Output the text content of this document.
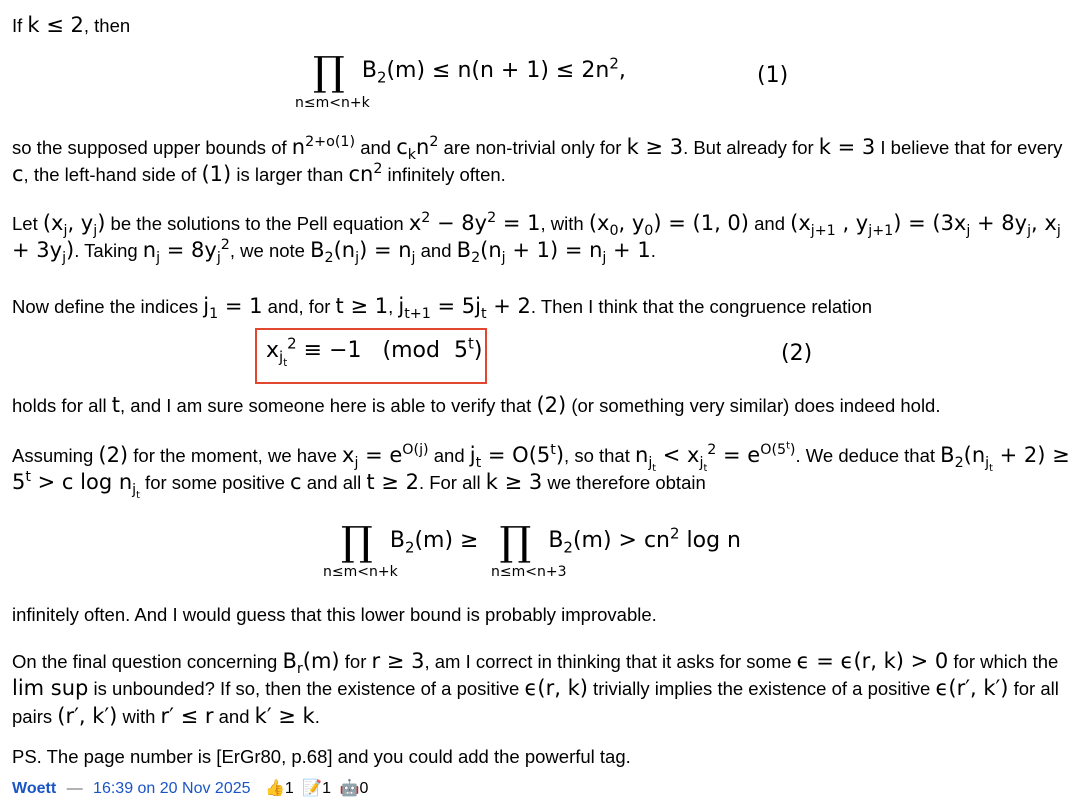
If k ≤ 2, then
∏ $B_2(m) \le n(n + 1) \le 2n^2$,
n≤m<n+k
(1)
so the supposed upper bounds of $n^{2+o(1)}$ and $c_kn^2$ are non-trivial only for k ≥ 3. But already for k = 3 I believe that for every c, the left-hand side of (1) is larger than $cn^2$ infinitely often.
Let ($x_j$, $y_j$) be the solutions to the Pell equation $x^2 - 8y^2 = 1$, with ($x_0$, $y_0) = (1$, 0) and ($x_{j+1}$ , $y_{j+1}) = (3x_j + 8y_j$, $x_j + 3y_j$). Taking $n_j = 8y_j^2$, we note $B_2(n_j) = n_j$ and $B_2(n_j + 1) = n_j + 1$.
Now define the indices $j_1 = 1$ and, for t ≥ 1, $j_{t+1} = 5j_t + 2$. Then I think that the congruence relation
$x_{j_t}^2 \equiv -1$   (mod  5$^t$)	(2)
holds for all t, and I am sure someone here is able to verify that (2) (or something very similar) does indeed hold.
Assuming (2) for the moment, we have $x_j = e^{O(j)}$ and $j_t = O(5^t)$, so that $n_{j_t} < x_{j_t}^2 = e^{O(5^t)}$. We deduce that $B_2(n_{j_t} + 2) \ge 5^t > c$ $\log n_{j_t}$ for some positive c and all t ≥ 2. For all k ≥ 3 we therefore obtain
∏ $B_2(m)$ ≥ ∏ $B_2(m) > cn^2$ log n
n≤m<n+k	n≤m<n+3
infinitely often. And I would guess that this lower bound is probably improvable.
On the final question concerning $B_r(m)$ for r ≥ 3, am I correct in thinking that it asks for some ϵ = ϵ(r, k) > 0 for which the lim sup is unbounded? If so, then the existence of a positive ϵ(r, k) trivially implies the existence of a positive ϵ(r′, k′) for all pairs (r′, k′) with r′ ≤ r and k′ ≥ k.
PS. The page number is [ErGr80, p.68] and you could add the powerful tag.
Woett — 16:39 on 20 Nov 2025 👍1 📝1 🤖0
